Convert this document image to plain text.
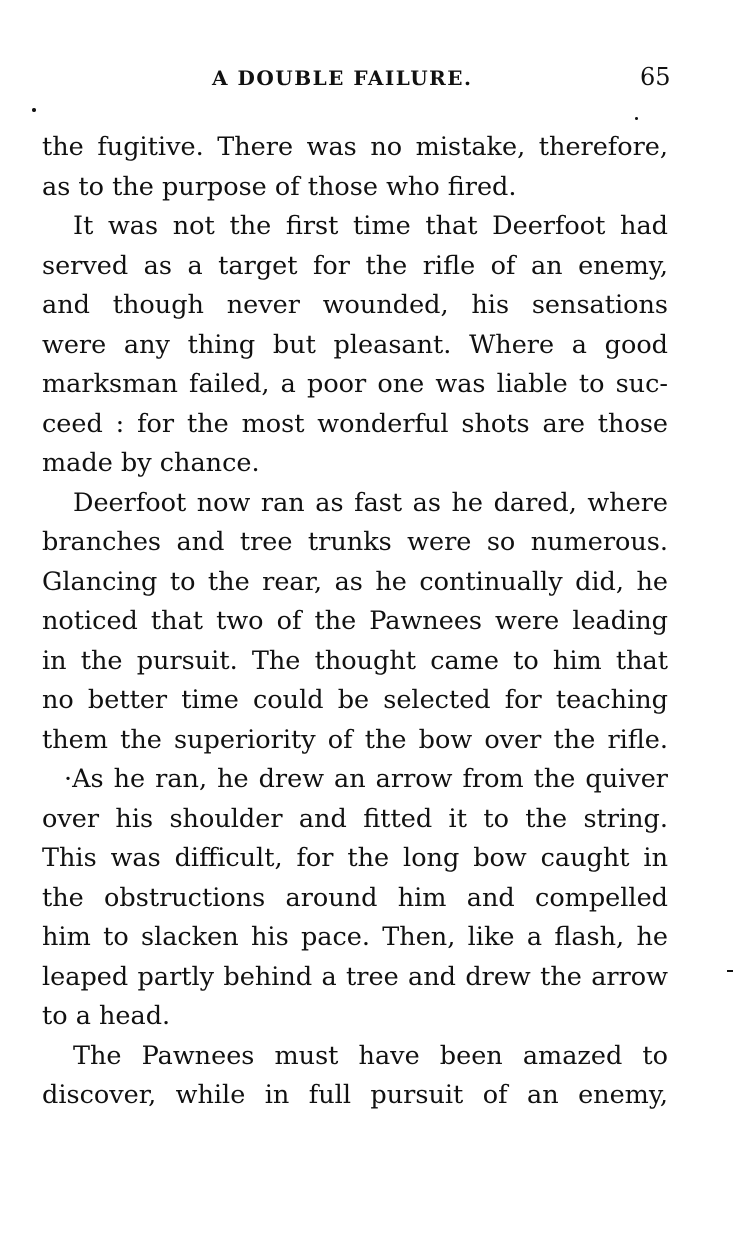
A DOUBLE FAILURE.	65
the fugitive. There was no mistake, therefore,
as to the purpose of those who fired.
It was not the first time that Deerfoot had
served as a target for the rifle of an enemy,
and though never wounded, his sensations
were any thing but pleasant. Where a good
marksman failed, a poor one was liable to suc-
ceed : for the most wonderful shots are those
made by chance.
Deerfoot now ran as fast as he dared, where
branches and tree trunks were so numerous.
Glancing to the rear, as he continually did, he
noticed that two of the Pawnees were leading
in the pursuit. The thought came to him that
no better time could be selected for teaching
them the superiority of the bow over the rifle.
·As he ran, he drew an arrow from the quiver
over his shoulder and fitted it to the string.
This was difficult, for the long bow caught in
the obstructions around him and compelled
him to slacken his pace. Then, like a flash, he
leaped partly behind a tree and drew the arrow
to a head.
The Pawnees must have been amazed to
discover, while in full pursuit of an enemy,
